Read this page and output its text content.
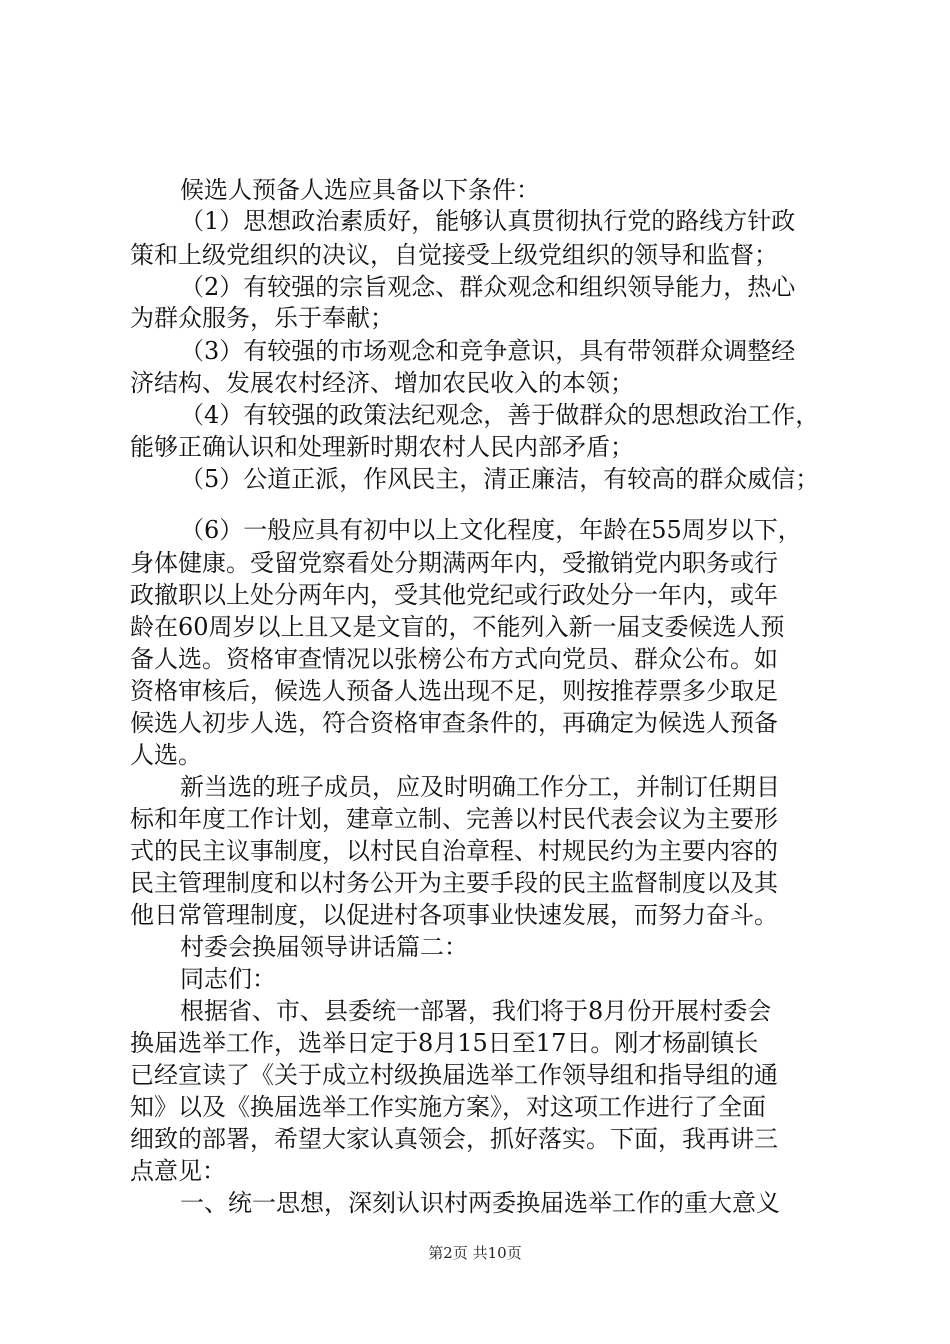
候选人预备人选应具备以下条件：
（1）思想政治素质好，能够认真贯彻执行党的路线方针政
策和上级党组织的决议，自觉接受上级党组织的领导和监督；
（2）有较强的宗旨观念、群众观念和组织领导能力，热心
为群众服务，乐于奉献；
（3）有较强的市场观念和竞争意识，具有带领群众调整经
济结构、发展农村经济、增加农民收入的本领；
（4）有较强的政策法纪观念，善于做群众的思想政治工作，
能够正确认识和处理新时期农村人民内部矛盾；
（5）公道正派，作风民主，清正廉洁，有较高的群众威信；
（6）一般应具有初中以上文化程度，年龄在55周岁以下，
身体健康。受留党察看处分期满两年内，受撤销党内职务或行
政撤职以上处分两年内，受其他党纪或行政处分一年内，或年
龄在60周岁以上且又是文盲的，不能列入新一届支委候选人预
备人选。资格审查情况以张榜公布方式向党员、群众公布。如
资格审核后，候选人预备人选出现不足，则按推荐票多少取足
候选人初步人选，符合资格审查条件的，再确定为候选人预备
人选。
新当选的班子成员，应及时明确工作分工，并制订任期目
标和年度工作计划，建章立制、完善以村民代表会议为主要形
式的民主议事制度，以村民自治章程、村规民约为主要内容的
民主管理制度和以村务公开为主要手段的民主监督制度以及其
他日常管理制度，以促进村各项事业快速发展，而努力奋斗。
村委会换届领导讲话篇二：
同志们：
根据省、市、县委统一部署，我们将于8月份开展村委会
换届选举工作，选举日定于8月15日至17日。刚才杨副镇长
已经宣读了《关于成立村级换届选举工作领导组和指导组的通
知》以及《换届选举工作实施方案》，对这项工作进行了全面
细致的部署，希望大家认真领会，抓好落实。下面，我再讲三
点意见：
一、统一思想，深刻认识村两委换届选举工作的重大意义
第2页 共10页
